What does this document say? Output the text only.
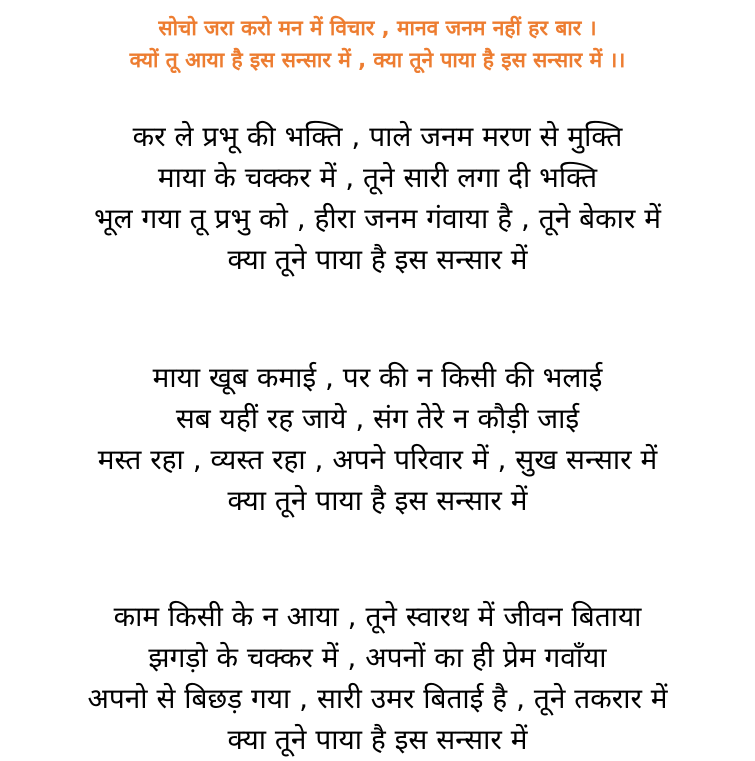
सोचो जरा करो मन में विचार , मानव जनम नहीं हर बार ।
क्यों तू आया है इस सन्सार में , क्या तूने पाया है इस सन्सार में ।।
कर ले प्रभू की भक्ति , पाले जनम मरण से मुक्ति
माया के चक्कर में , तूने सारी लगा दी भक्ति
भूल गया तू प्रभु को , हीरा जनम गंवाया है , तूने बेकार में
क्या तूने पाया है इस सन्सार में
माया खूब कमाई , पर की न किसी की भलाई
सब यहीं रह जाये , संग तेरे न कौड़ी जाई
मस्त रहा , व्यस्त रहा , अपने परिवार में , सुख सन्सार में
क्या तूने पाया है इस सन्सार में
काम किसी के न आया , तूने स्वारथ में जीवन बिताया
झगड़ो के चक्कर में , अपनों का ही प्रेम गवाँया
अपनो से बिछड़ गया , सारी उमर बिताई है , तूने तकरार में
क्या तूने पाया है इस सन्सार में
